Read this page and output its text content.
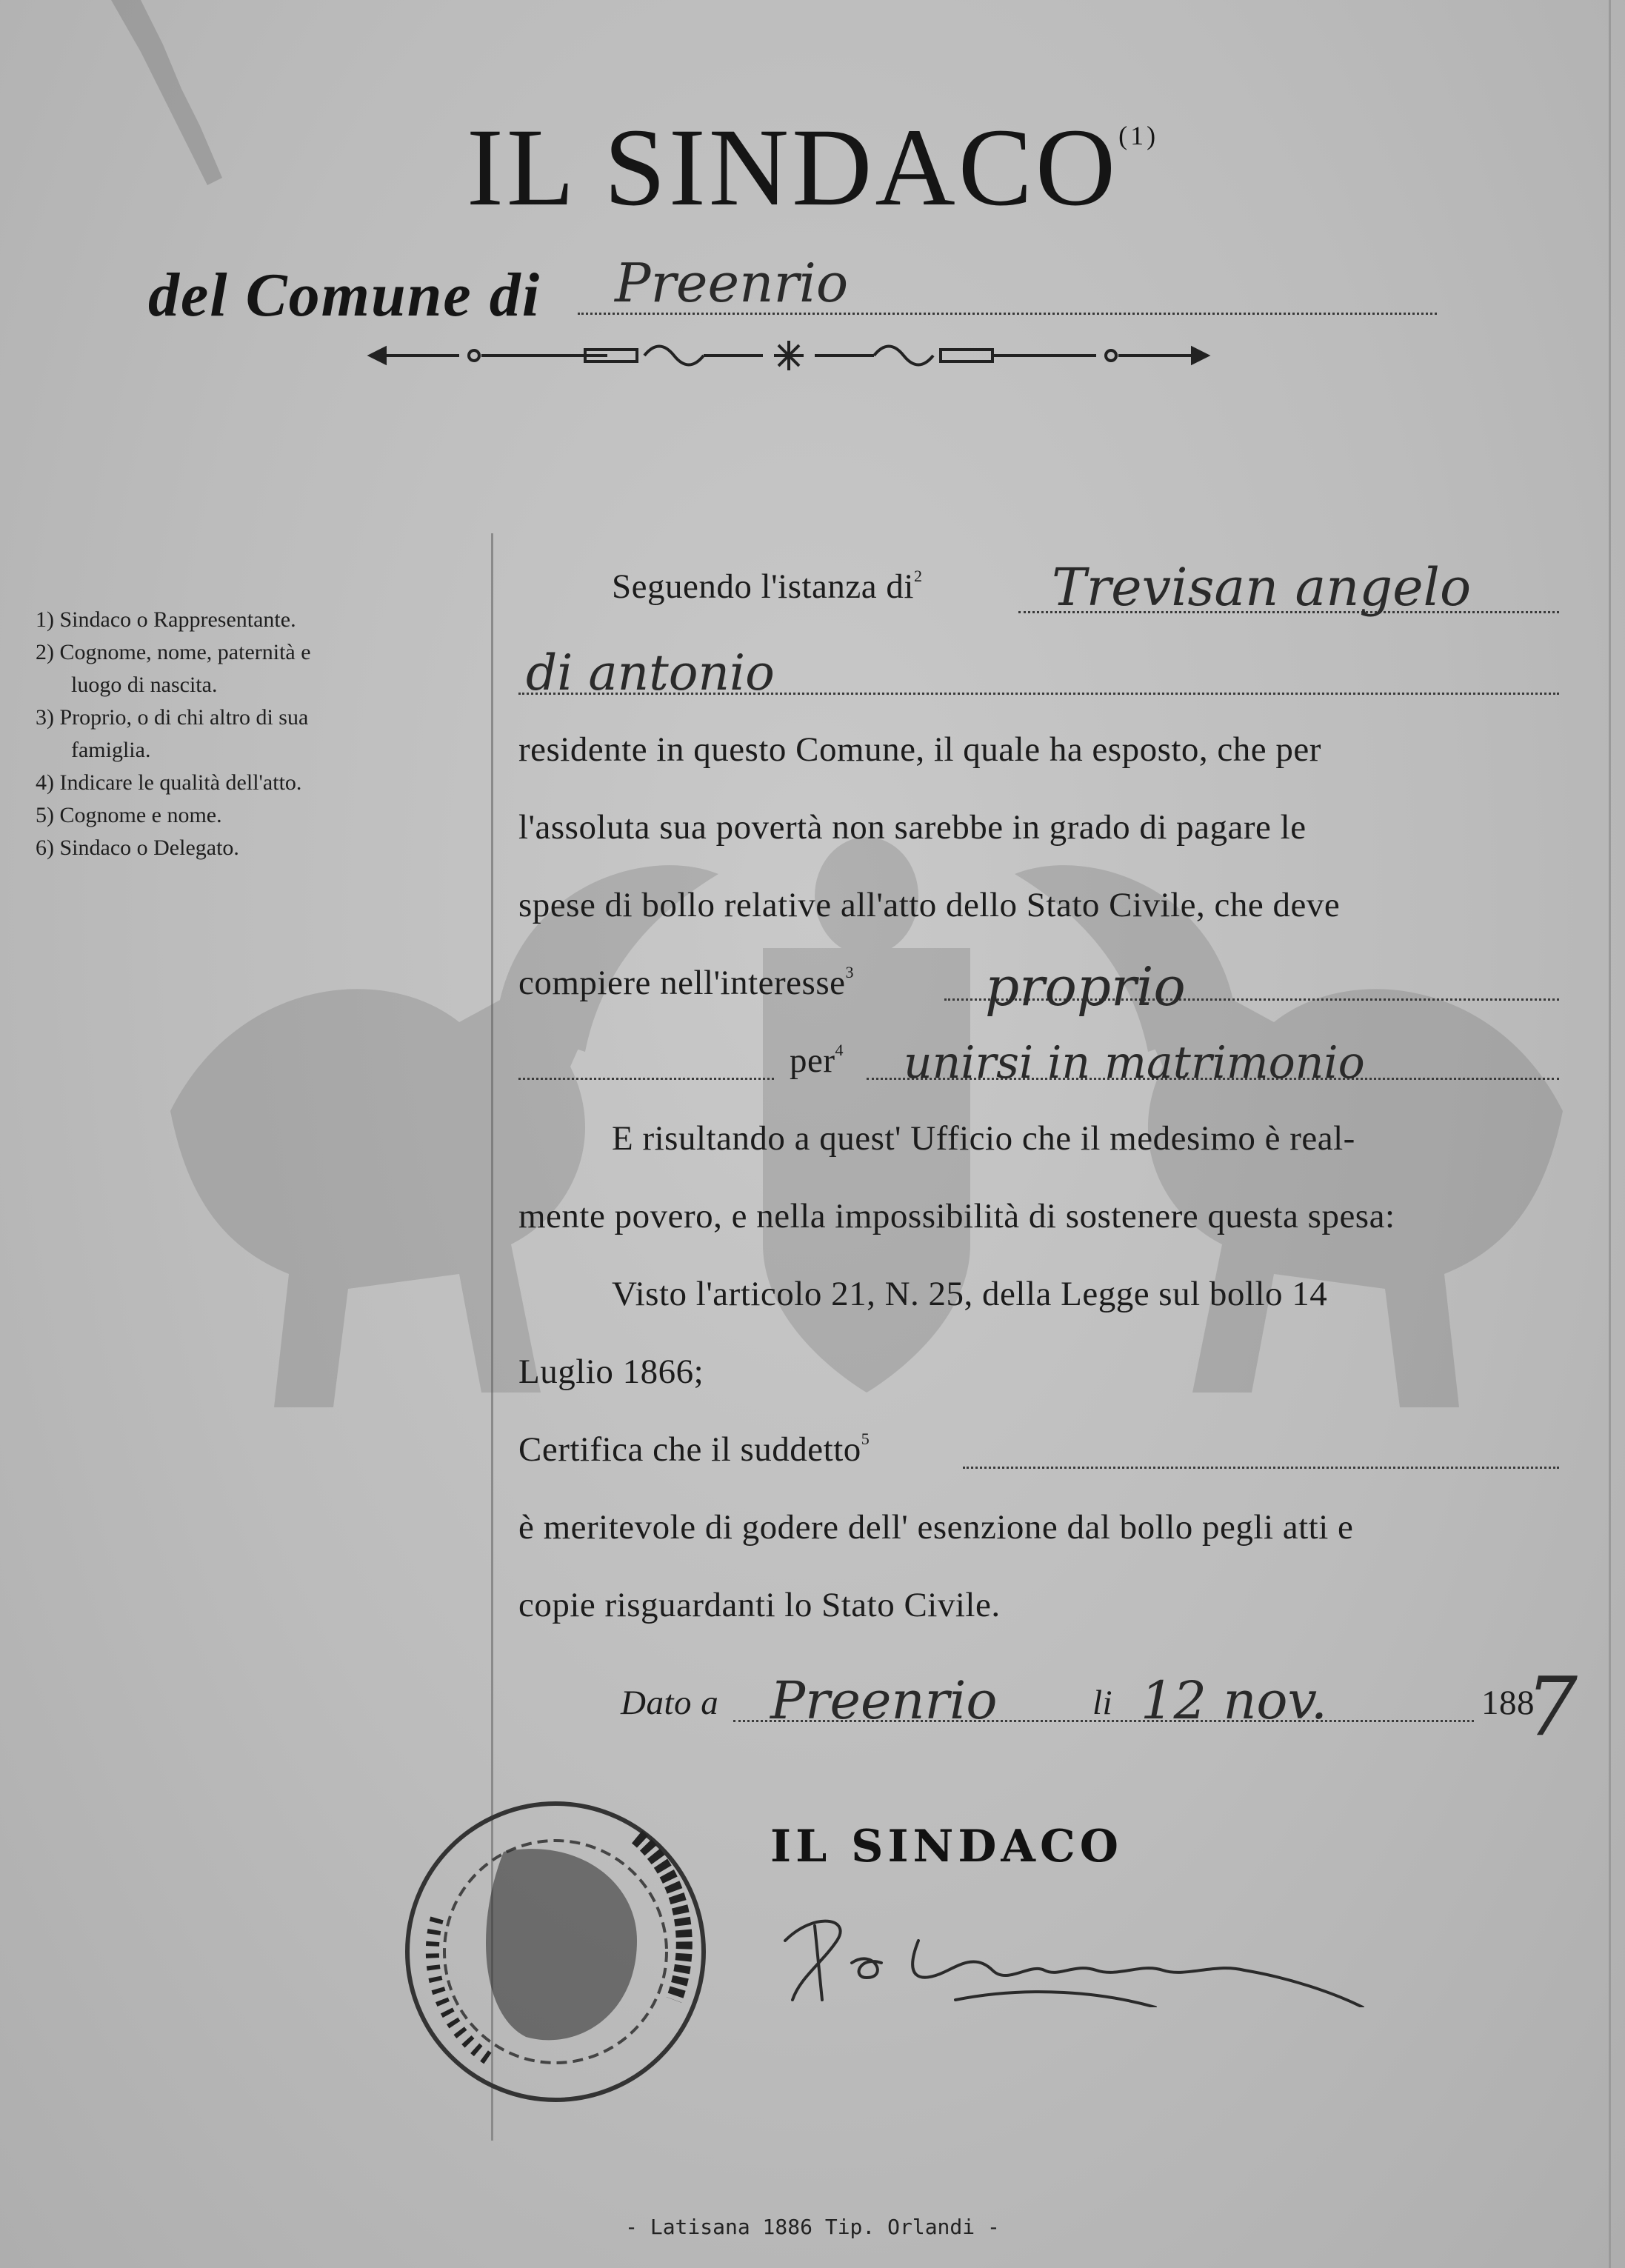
IL SINDACO$^{(1)}$
del Comune di Preenrio
1) Sindaco o Rappresentante.
2) Cognome, nome, paternità e
luogo di nascita.
3) Proprio, o di chi altro di sua
famiglia.
4) Indicare le qualità dell'atto.
5) Cognome e nome.
6) Sindaco o Delegato.
Seguendo l'istanza $di^2$ Trevisan angelo
di antonio
residente in questo Comune, il quale ha esposto, che per
l'assoluta sua povertà non sarebbe in grado di pagare le
spese di bollo relative all'atto dello Stato Civile, che deve
compiere nell'interesse$^3$ proprio
per$^4$ unirsi in matrimonio
E risultando a quest' Ufficio che il medesimo è real-
mente povero, e nella impossibilità di sostenere questa spesa:
Visto l'articolo 21, N. 25, della Legge sul bollo 14
Luglio 1866;
Certifica che il suddetto$^5$
è meritevole di godere dell' esenzione dal bollo pegli atti e
copie risguardanti lo Stato Civile.
Dato a Preenrio	li 12 nov.	188
7
IL SINDACO
- Latisana 1886 Tip. Orlandi -
